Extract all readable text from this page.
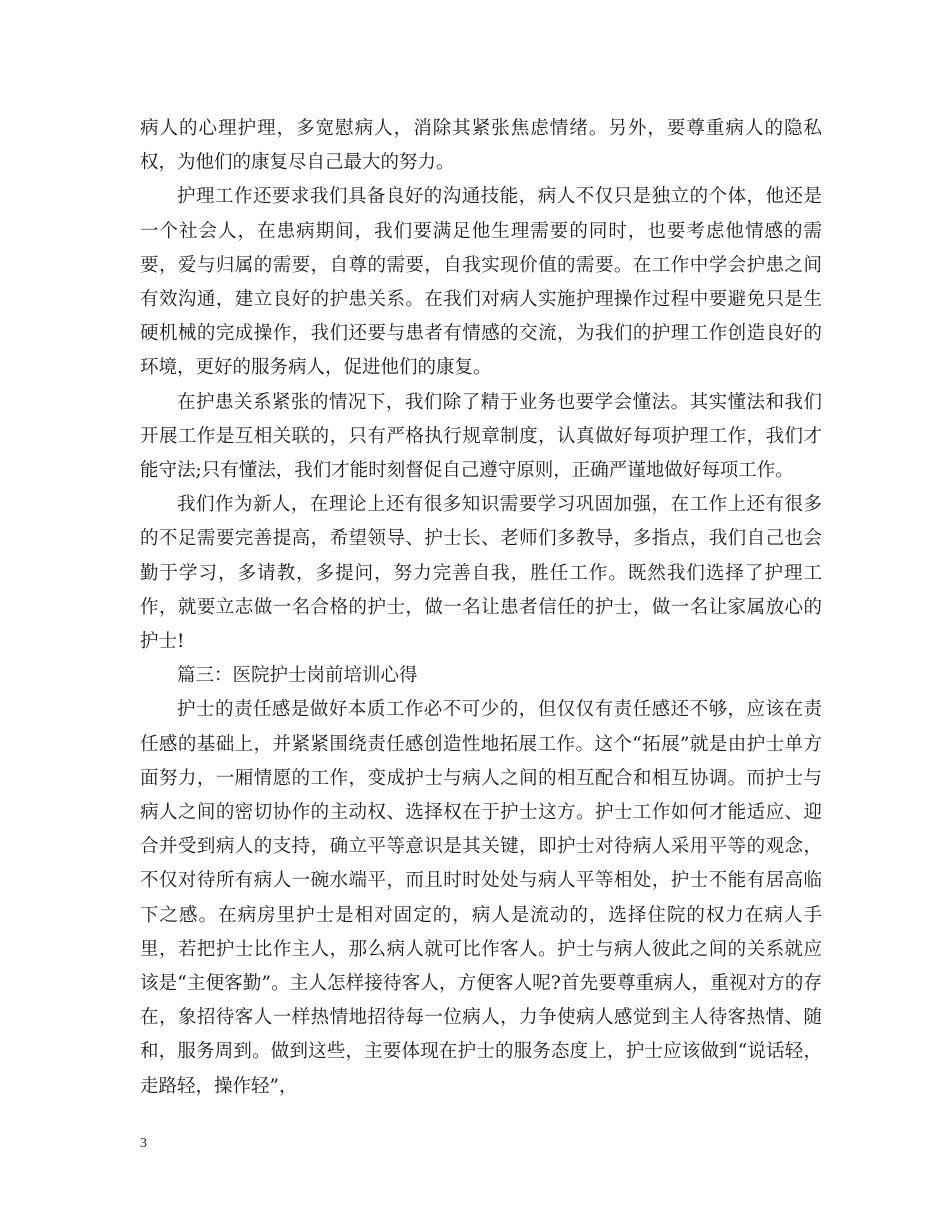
病人的心理护理，多宽慰病人，消除其紧张焦虑情绪。另外，要尊重病人的隐私权，为他们的康复尽自己最大的努力。

护理工作还要求我们具备良好的沟通技能，病人不仅只是独立的个体，他还是一个社会人，在患病期间，我们要满足他生理需要的同时，也要考虑他情感的需要，爱与归属的需要，自尊的需要，自我实现价值的需要。在工作中学会护患之间有效沟通，建立良好的护患关系。在我们对病人实施护理操作过程中要避免只是生硬机械的完成操作，我们还要与患者有情感的交流，为我们的护理工作创造良好的环境，更好的服务病人，促进他们的康复。

在护患关系紧张的情况下，我们除了精于业务也要学会懂法。其实懂法和我们开展工作是互相关联的，只有严格执行规章制度，认真做好每项护理工作，我们才能守法;只有懂法，我们才能时刻督促自己遵守原则，正确严谨地做好每项工作。

我们作为新人，在理论上还有很多知识需要学习巩固加强，在工作上还有很多的不足需要完善提高，希望领导、护士长、老师们多教导，多指点，我们自己也会勤于学习，多请教，多提问，努力完善自我，胜任工作。既然我们选择了护理工作，就要立志做一名合格的护士，做一名让患者信任的护士，做一名让家属放心的护士!

篇三：医院护士岗前培训心得

护士的责任感是做好本质工作必不可少的，但仅仅有责任感还不够，应该在责任感的基础上，并紧紧围绕责任感创造性地拓展工作。这个“拓展”就是由护士单方面努力，一厢情愿的工作，变成护士与病人之间的相互配合和相互协调。而护士与病人之间的密切协作的主动权、选择权在于护士这方。护士工作如何才能适应、迎合并受到病人的支持，确立平等意识是其关键，即护士对待病人采用平等的观念，不仅对待所有病人一碗水端平，而且时时处处与病人平等相处，护士不能有居高临下之感。在病房里护士是相对固定的，病人是流动的，选择住院的权力在病人手里，若把护士比作主人，那么病人就可比作客人。护士与病人彼此之间的关系就应该是“主便客勤”。主人怎样接待客人，方便客人呢?首先要尊重病人，重视对方的存在，象招待客人一样热情地招待每一位病人，力争使病人感觉到主人待客热情、随和，服务周到。做到这些，主要体现在护士的服务态度上，护士应该做到“说话轻，走路轻，操作轻”，

3
